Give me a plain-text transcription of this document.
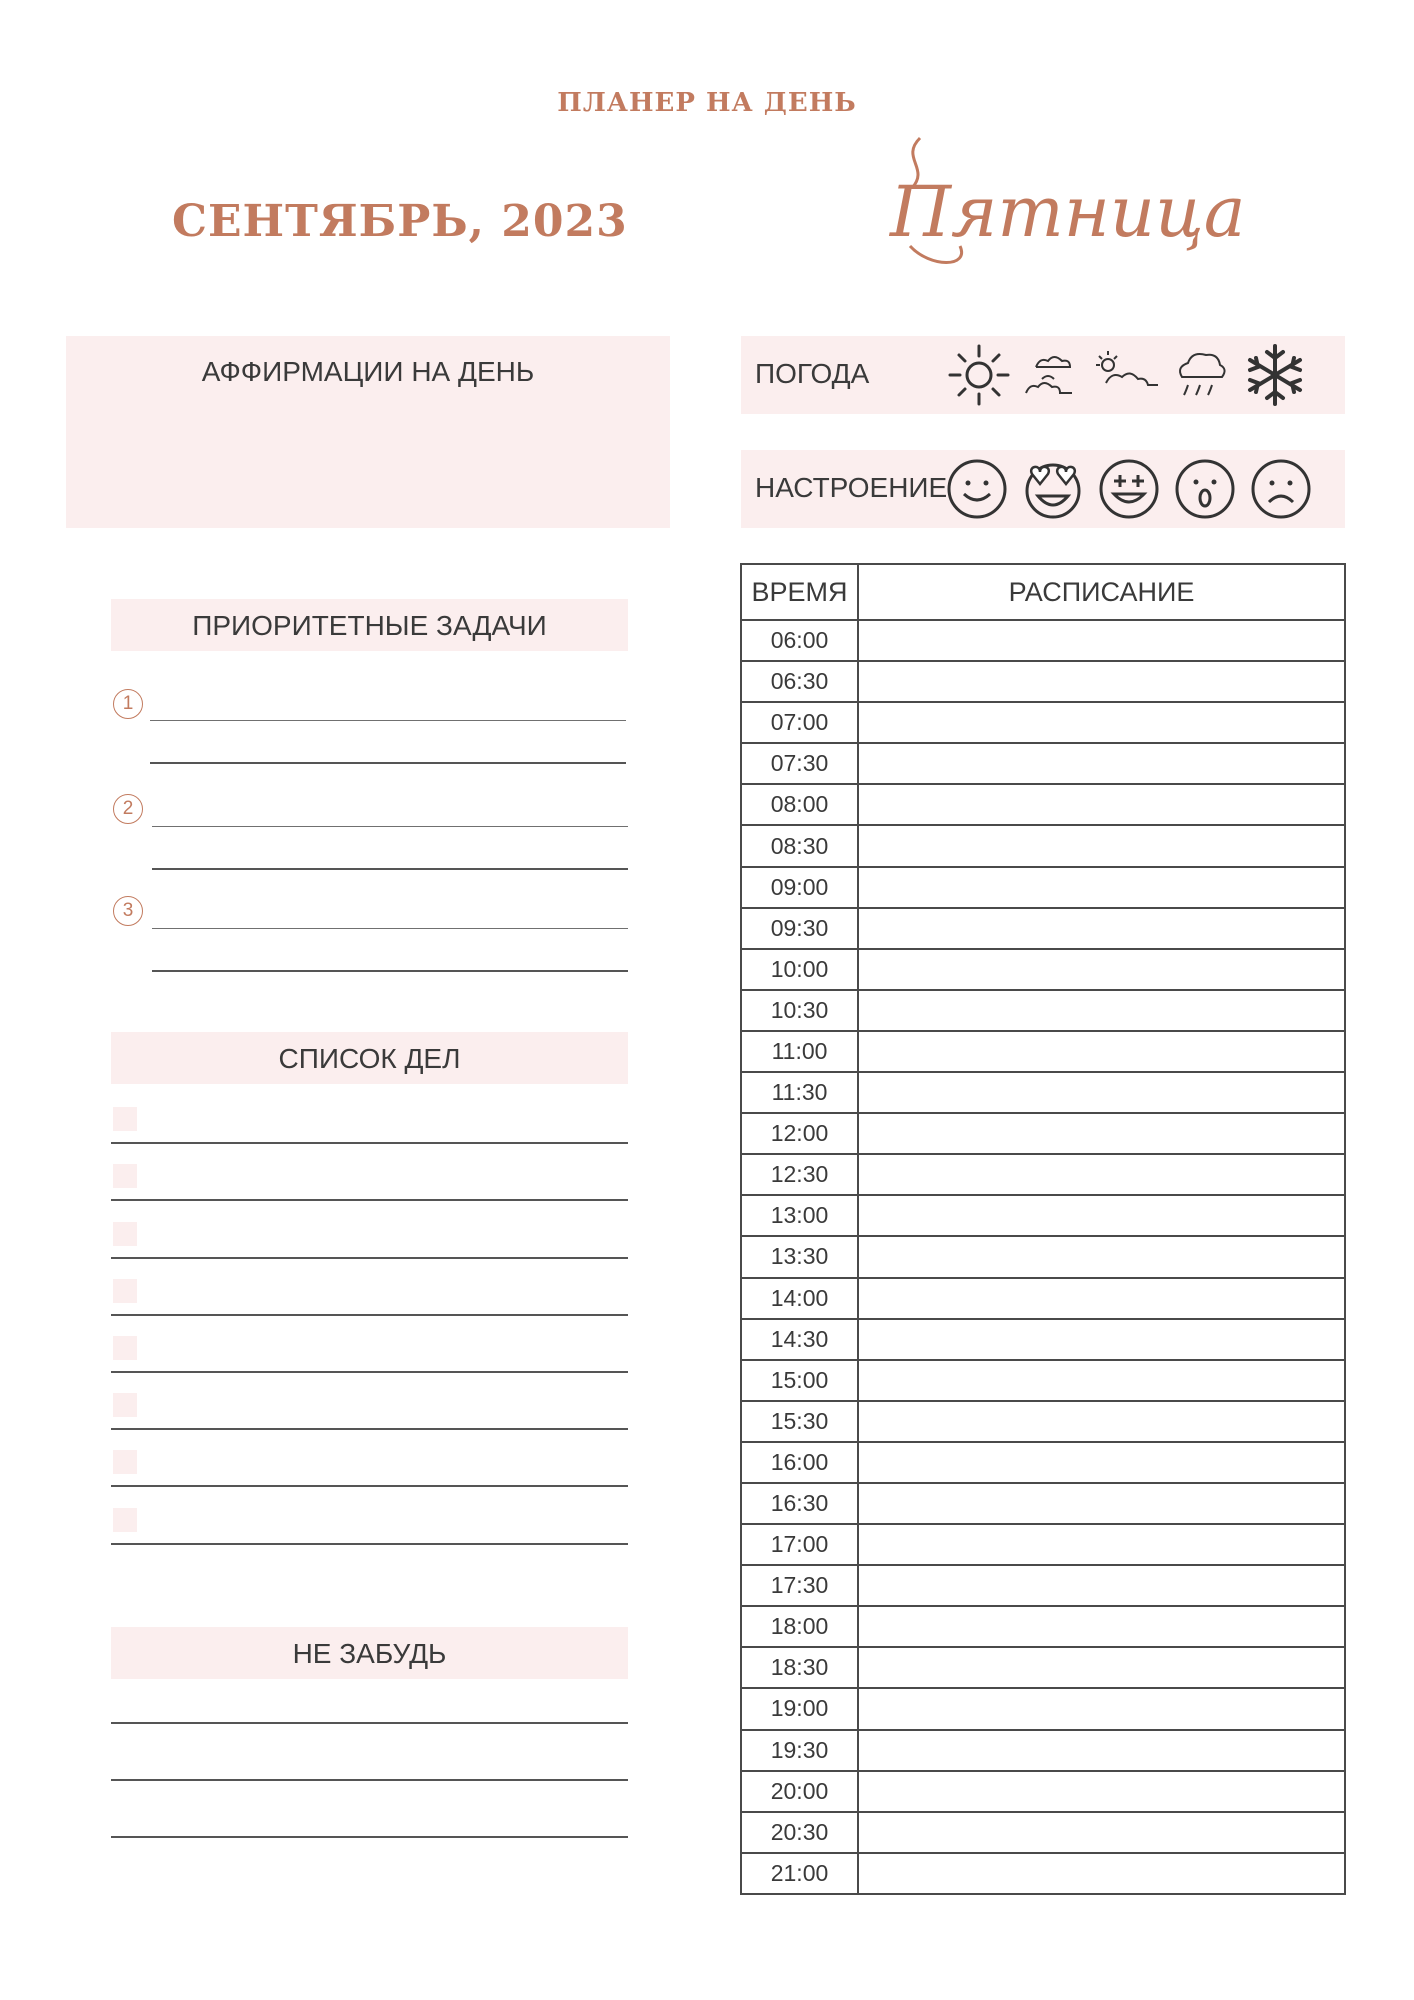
ПЛАНЕР НА ДЕНЬ
СЕНТЯБРЬ, 2023	Пятница
АФФИРМАЦИИ НА ДЕНЬ	ПОГОДА
НАСТРОЕНИЕ
ПРИОРИТЕТНЫЕ ЗАДАЧИ
1
2
3
СПИСОК ДЕЛ
НЕ ЗАБУДЬ
ВРЕМЯ	РАСПИСАНИЕ
06:00	
06:30	
07:00	
07:30	
08:00	
08:30	
09:00	
09:30	
10:00	
10:30	
11:00	
11:30	
12:00	
12:30	
13:00	
13:30	
14:00	
14:30	
15:00	
15:30	
16:00	
16:30	
17:00	
17:30	
18:00	
18:30	
19:00	
19:30	
20:00	
20:30	
21:00	
